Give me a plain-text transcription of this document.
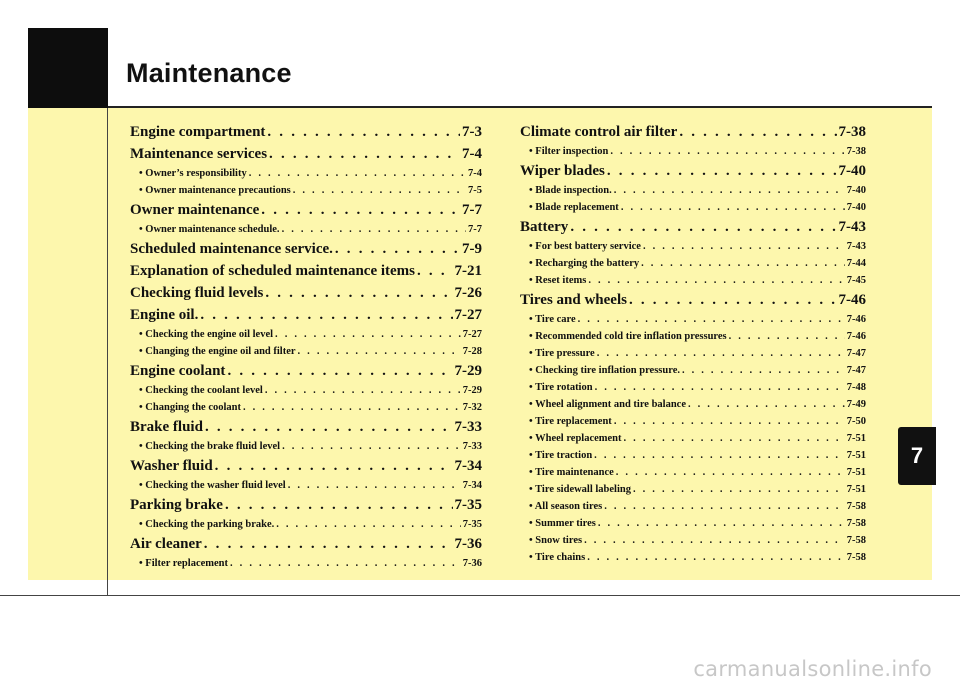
Maintenance
Engine compartment . . .	7-3
Maintenance services . . .	7-4
• Owner’s responsibility . . .	7-4
• Owner maintenance precautions . . .	7-5
Owner maintenance . . .	7-7
• Owner maintenance schedule. . . .	7-7
Scheduled maintenance service. . . .	7-9
Explanation of scheduled maintenance items . . .	7-21
Checking fluid levels . . .	7-26
Engine oil. . . .	7-27
• Checking the engine oil level . . .	7-27
• Changing the engine oil and filter . . .	7-28
Engine coolant . . .	7-29
• Checking the coolant level . . .	7-29
• Changing the coolant . . .	7-32
Brake fluid . . .	7-33
• Checking the brake fluid level . . .	7-33
Washer fluid . . .	7-34
• Checking the washer fluid level . . .	7-34
Parking brake . . .	7-35
• Checking the parking brake. . . .	7-35
Air cleaner . . .	7-36
• Filter replacement . . .	7-36
Climate control air filter . . .	7-38
• Filter inspection . . .	7-38
Wiper blades . . .	7-40
• Blade inspection. . . .	7-40
• Blade replacement . . .	7-40
Battery . . .	7-43
• For best battery service . . .	7-43
• Recharging the battery . . .	7-44
• Reset items . . .	7-45
Tires and wheels . . .	7-46
• Tire care . . .	7-46
• Recommended cold tire inflation pressures . . .	7-46
• Tire pressure . . .	7-47
• Checking tire inflation pressure. . . .	7-47
• Tire rotation . . .	7-48
• Wheel alignment and tire balance . . .	7-49
• Tire replacement . . .	7-50
• Wheel replacement . . .	7-51
• Tire traction . . .	7-51
• Tire maintenance . . .	7-51
• Tire sidewall labeling . . .	7-51
• All season tires . . .	7-58
• Summer tires . . .	7-58
• Snow tires . . .	7-58
• Tire chains . . .	7-58
7
carmanualsonline.info
